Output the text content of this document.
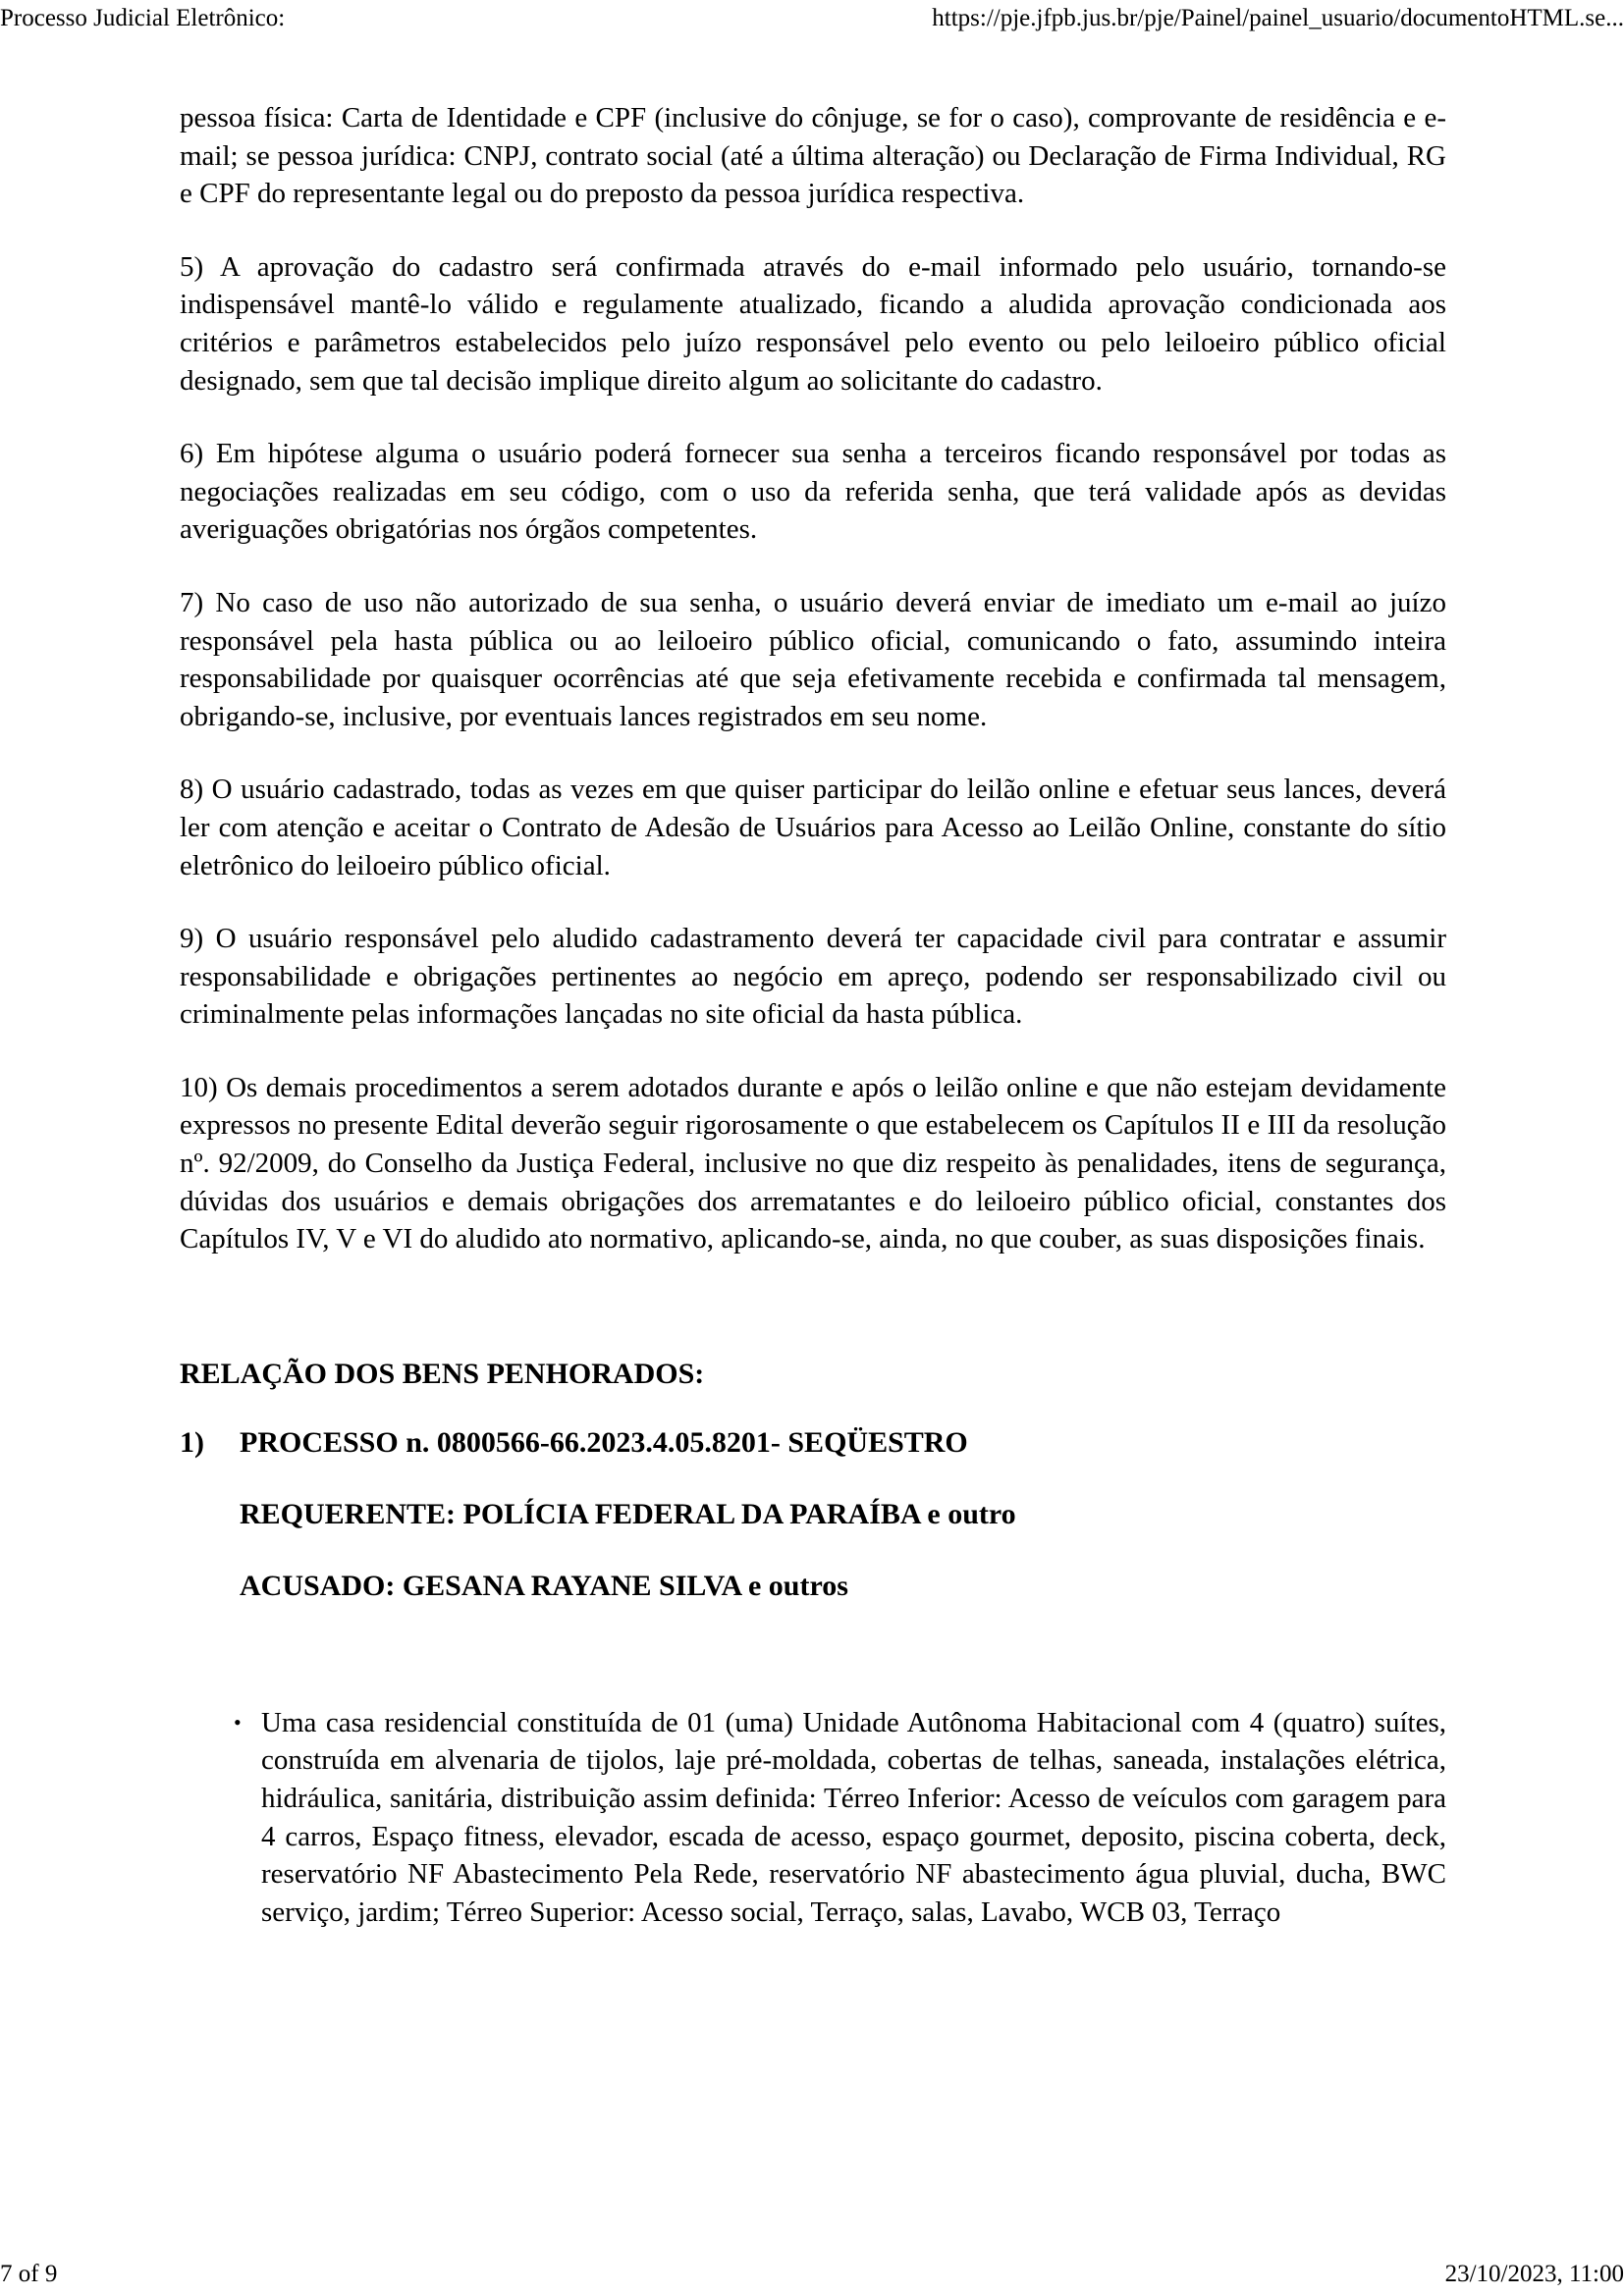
Processo Judicial Eletrônico:	https://pje.jfpb.jus.br/pje/Painel/painel_usuario/documentoHTML.se...

pessoa física: Carta de Identidade e CPF (inclusive do cônjuge, se for o caso), comprovante de residência e e-mail; se pessoa jurídica: CNPJ, contrato social (até a última alteração) ou Declaração de Firma Individual, RG e CPF do representante legal ou do preposto da pessoa jurídica respectiva.

5) A aprovação do cadastro será confirmada através do e-mail informado pelo usuário, tornando-se indispensável mantê-lo válido e regulamente atualizado, ficando a aludida aprovação condicionada aos critérios e parâmetros estabelecidos pelo juízo responsável pelo evento ou pelo leiloeiro público oficial designado, sem que tal decisão implique direito algum ao solicitante do cadastro.

6) Em hipótese alguma o usuário poderá fornecer sua senha a terceiros ficando responsável por todas as negociações realizadas em seu código, com o uso da referida senha, que terá validade após as devidas averiguações obrigatórias nos órgãos competentes.

7) No caso de uso não autorizado de sua senha, o usuário deverá enviar de imediato um e-mail ao juízo responsável pela hasta pública ou ao leiloeiro público oficial, comunicando o fato, assumindo inteira responsabilidade por quaisquer ocorrências até que seja efetivamente recebida e confirmada tal mensagem, obrigando-se, inclusive, por eventuais lances registrados em seu nome.

8) O usuário cadastrado, todas as vezes em que quiser participar do leilão online e efetuar seus lances, deverá ler com atenção e aceitar o Contrato de Adesão de Usuários para Acesso ao Leilão Online, constante do sítio eletrônico do leiloeiro público oficial.

9) O usuário responsável pelo aludido cadastramento deverá ter capacidade civil para contratar e assumir responsabilidade e obrigações pertinentes ao negócio em apreço, podendo ser responsabilizado civil ou criminalmente pelas informações lançadas no site oficial da hasta pública.

10) Os demais procedimentos a serem adotados durante e após o leilão online e que não estejam devidamente expressos no presente Edital deverão seguir rigorosamente o que estabelecem os Capítulos II e III da resolução nº. 92/2009, do Conselho da Justiça Federal, inclusive no que diz respeito às penalidades, itens de segurança, dúvidas dos usuários e demais obrigações dos arrematantes e do leiloeiro público oficial, constantes dos Capítulos IV, V e VI do aludido ato normativo, aplicando-se, ainda, no que couber, as suas disposições finais.

RELAÇÃO DOS BENS PENHORADOS:
1) PROCESSO n. 0800566-66.2023.4.05.8201- SEQÜESTRO
REQUERENTE: POLÍCIA FEDERAL DA PARAÍBA e outro
ACUSADO: GESANA RAYANE SILVA e outros
• Uma casa residencial constituída de 01 (uma) Unidade Autônoma Habitacional com 4 (quatro) suítes, construída em alvenaria de tijolos, laje pré-moldada, cobertas de telhas, saneada, instalações elétrica, hidráulica, sanitária, distribuição assim definida: Térreo Inferior: Acesso de veículos com garagem para 4 carros, Espaço fitness, elevador, escada de acesso, espaço gourmet, deposito, piscina coberta, deck, reservatório NF Abastecimento Pela Rede, reservatório NF abastecimento água pluvial, ducha, BWC serviço, jardim; Térreo Superior: Acesso social, Terraço, salas, Lavabo, WCB 03, Terraço
7 of 9	23/10/2023, 11:00
